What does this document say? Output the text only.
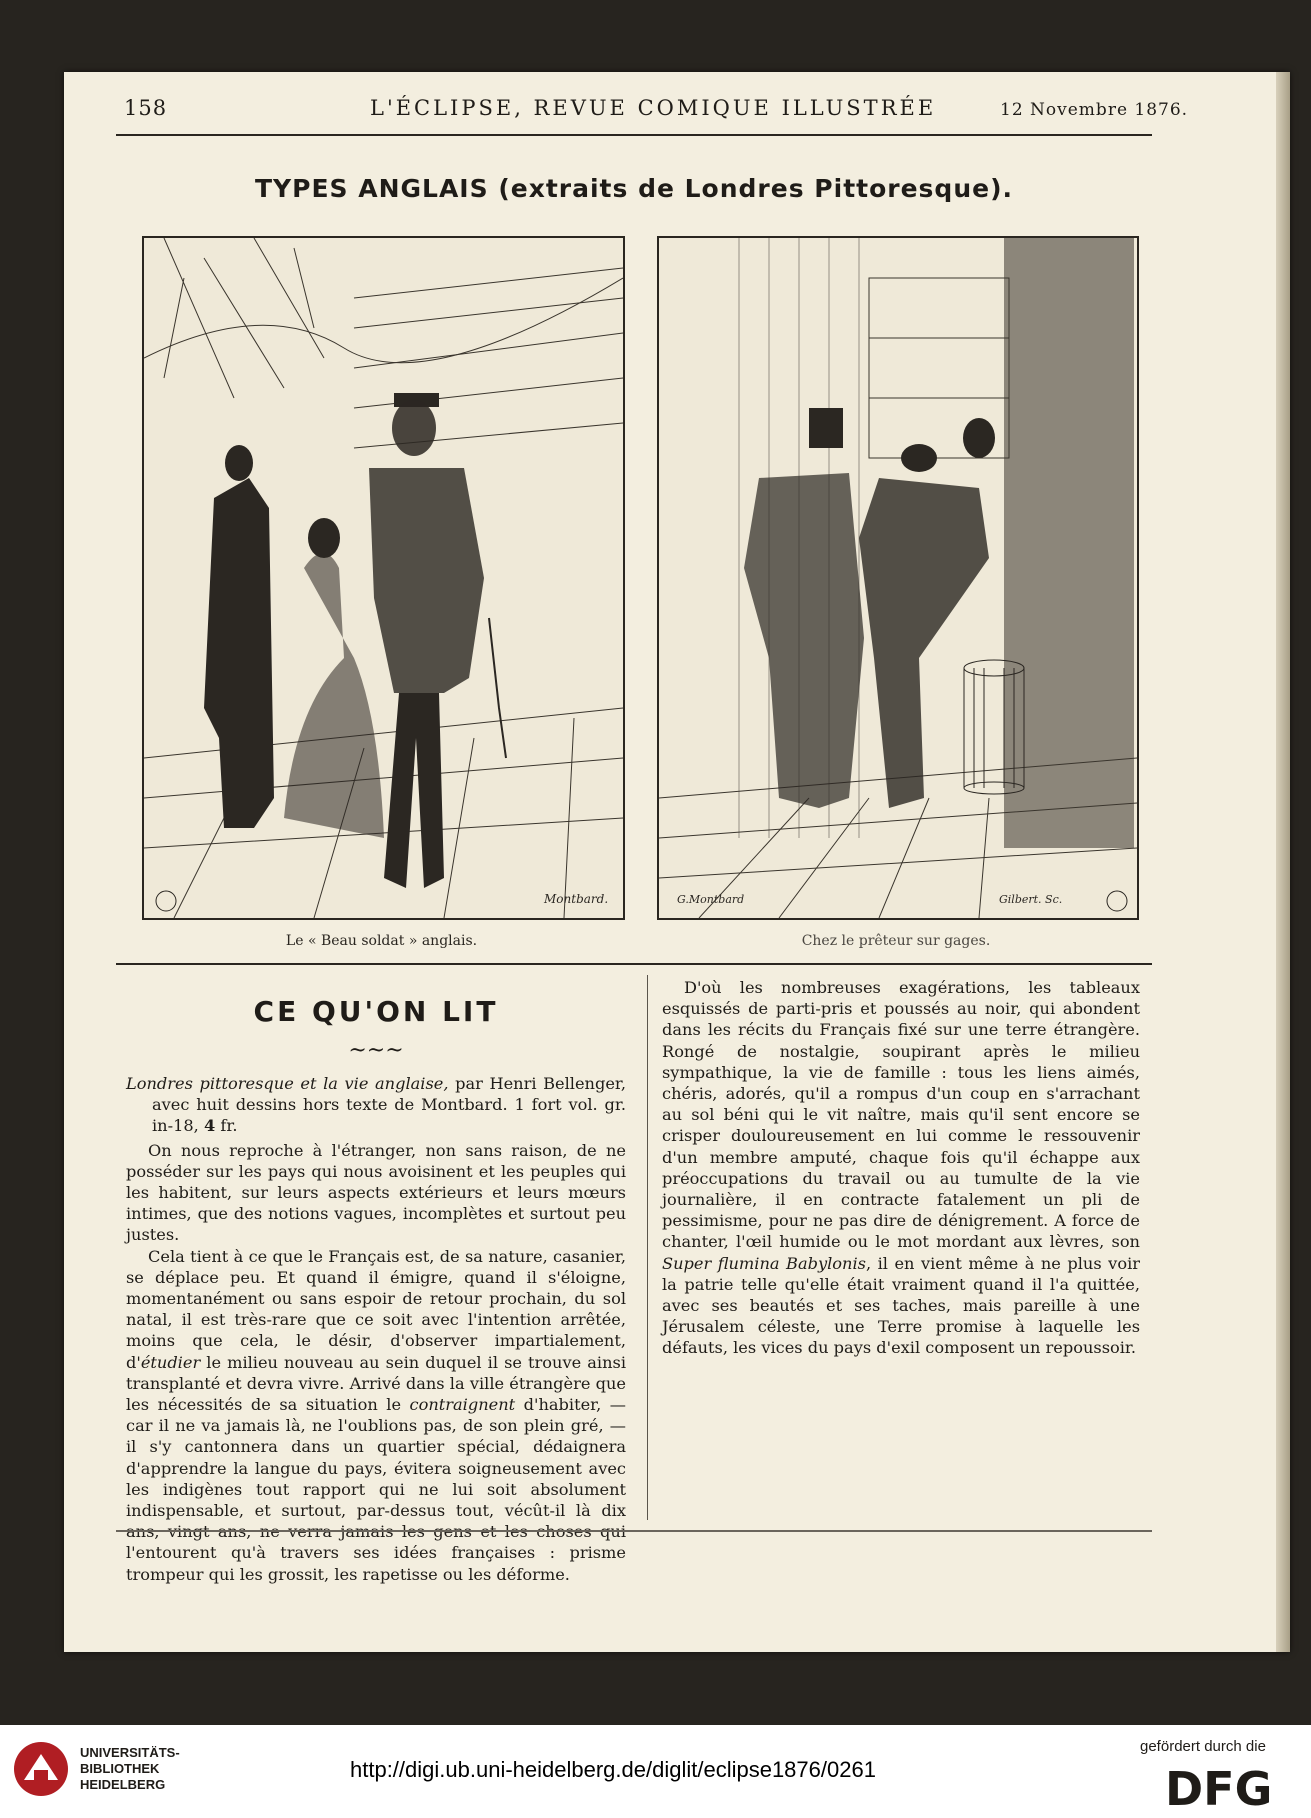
158	L'ÉCLIPSE, REVUE COMIQUE ILLUSTRÉE	12 Novembre 1876.
TYPES ANGLAIS (extraits de Londres Pittoresque).
Montbard.	G.Montbard	Gilbert. Sc.
Le « Beau soldat » anglais.	Chez le prêteur sur gages.
CE QU'ON LIT
~~~

Londres pittoresque et la vie anglaise, par Henri Bellenger, avec huit dessins hors texte de Montbard. 1 fort vol. gr. in-18, 4 fr.

On nous reproche à l'étranger, non sans raison, de ne posséder sur les pays qui nous avoisinent et les peuples qui les habitent, sur leurs aspects extérieurs et leurs mœurs intimes, que des notions vagues, incomplètes et surtout peu justes.

Cela tient à ce que le Français est, de sa nature, casanier, se déplace peu. Et quand il émigre, quand il s'éloigne, momentanément ou sans espoir de retour prochain, du sol natal, il est très-rare que ce soit avec l'intention arrêtée, moins que cela, le désir, d'observer impartialement, d'étudier le milieu nouveau au sein duquel il se trouve ainsi transplanté et devra vivre. Arrivé dans la ville étrangère que les nécessités de sa situation le contraignent d'habiter, — car il ne va jamais là, ne l'oublions pas, de son plein gré, — il s'y cantonnera dans un quartier spécial, dédaignera d'apprendre la langue du pays, évitera soigneusement avec les indigènes tout rapport qui ne lui soit absolument indispensable, et surtout, par-dessus tout, vécût-il là dix l'entourent qu'à travers ses idées françaises : prisme trompeur qui les grossit, les rapetisse ou les déforme.

D'où les nombreuses exagérations, les tableaux esquissés de parti-pris et poussés au noir, qui abondent dans les récits du Français fixé sur une terre étrangère. Rongé de nostalgie, soupirant après le milieu sympathique, la vie de famille : tous les liens aimés, chéris, adorés, qu'il a rompus d'un coup en s'arrachant au sol béni qui le vit naître, mais qu'il sent encore se crisper douloureusement en lui comme le ressouvenir d'un membre amputé, chaque fois qu'il échappe aux préoccupations du travail ou au tumulte de la vie journalière, il en contracte fatalement un pli de pessimisme, pour ne pas dire de dénigrement. A force de chanter, l'œil humide ou le mot mordant aux lèvres, son Super flumina Babylonis, il en vient même à ne plus voir la patrie telle qu'elle était vraiment quand il l'a quittée, avec ses beautés et ses taches, mais pareille à une Jérusalem céleste, une Terre promise à laquelle les défauts, les vices du pays d'exil composent un repoussoir.

UNIVERSITÄTS-
BIBLIOTHEK
HEIDELBERG
http://digi.ub.uni-heidelberg.de/diglit/eclipse1876/0261
gefördert durch die
DFG
